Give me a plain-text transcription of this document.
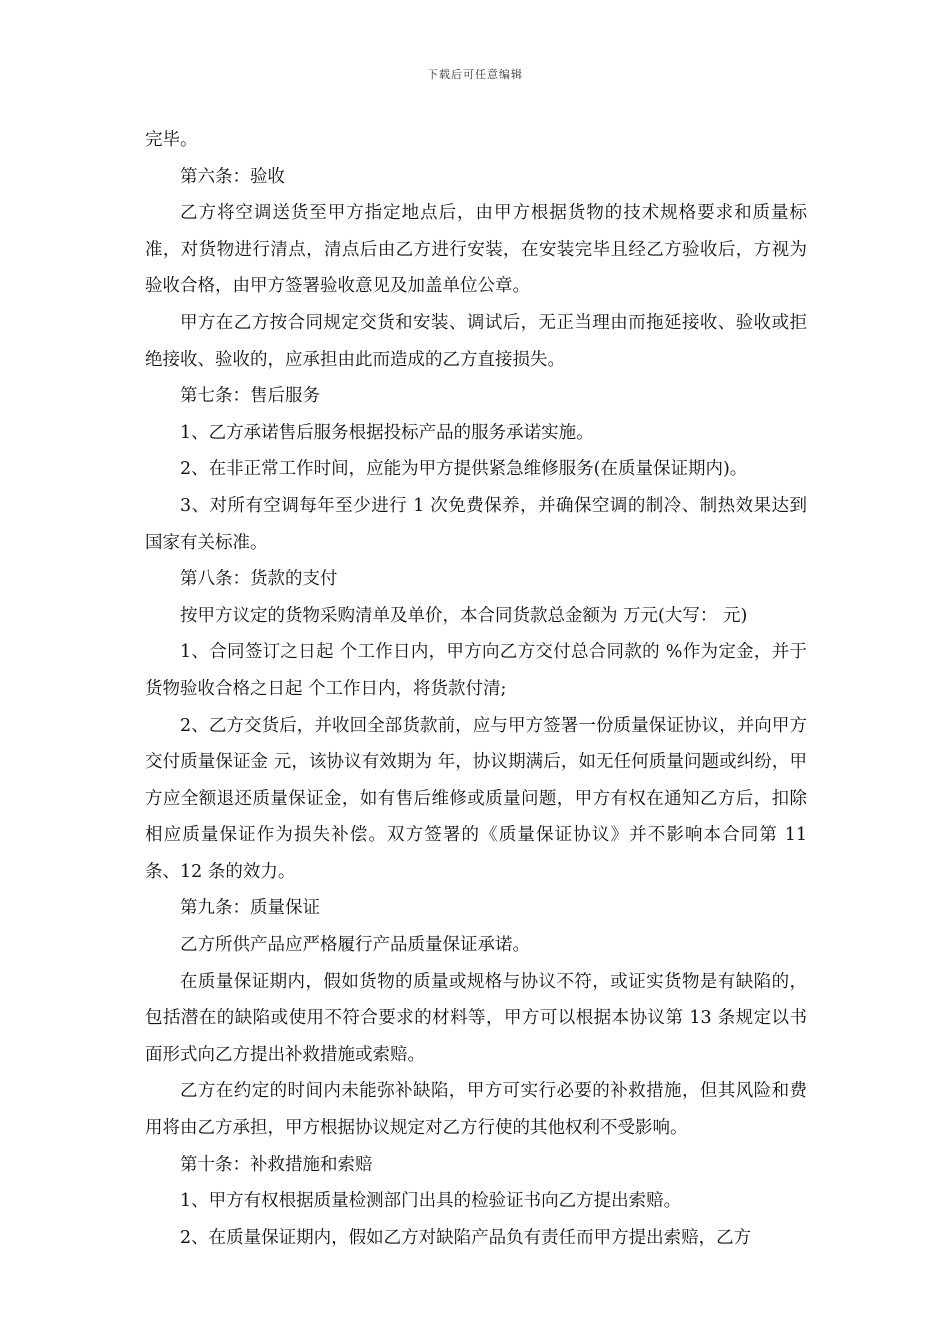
下载后可任意编辑

完毕。

第六条：验收

乙方将空调送货至甲方指定地点后，由甲方根据货物的技术规格要求和质量标准，对货物进行清点，清点后由乙方进行安装，在安装完毕且经乙方验收后，方视为验收合格，由甲方签署验收意见及加盖单位公章。

甲方在乙方按合同规定交货和安装、调试后，无正当理由而拖延接收、验收或拒绝接收、验收的，应承担由此而造成的乙方直接损失。

第七条：售后服务

1、乙方承诺售后服务根据投标产品的服务承诺实施。

2、在非正常工作时间，应能为甲方提供紧急维修服务(在质量保证期内)。

3、对所有空调每年至少进行 1 次免费保养，并确保空调的制冷、制热效果达到国家有关标准。

第八条：货款的支付

按甲方议定的货物采购清单及单价，本合同货款总金额为 万元(大写： 元)

1、合同签订之日起 个工作日内，甲方向乙方交付总合同款的 %作为定金，并于货物验收合格之日起 个工作日内，将货款付清;

2、乙方交货后，并收回全部货款前，应与甲方签署一份质量保证协议，并向甲方交付质量保证金 元，该协议有效期为 年，协议期满后，如无任何质量问题或纠纷，甲方应全额退还质量保证金，如有售后维修或质量问题，甲方有权在通知乙方后，扣除相应质量保证作为损失补偿。双方签署的《质量保证协议》并不影响本合同第 11 条、12 条的效力。

第九条：质量保证

乙方所供产品应严格履行产品质量保证承诺。

在质量保证期内，假如货物的质量或规格与协议不符，或证实货物是有缺陷的，包括潜在的缺陷或使用不符合要求的材料等，甲方可以根据本协议第 13 条规定以书面形式向乙方提出补救措施或索赔。

乙方在约定的时间内未能弥补缺陷，甲方可实行必要的补救措施，但其风险和费用将由乙方承担，甲方根据协议规定对乙方行使的其他权利不受影响。

第十条：补救措施和索赔

1、甲方有权根据质量检测部门出具的检验证书向乙方提出索赔。

2、在质量保证期内，假如乙方对缺陷产品负有责任而甲方提出索赔，乙方
